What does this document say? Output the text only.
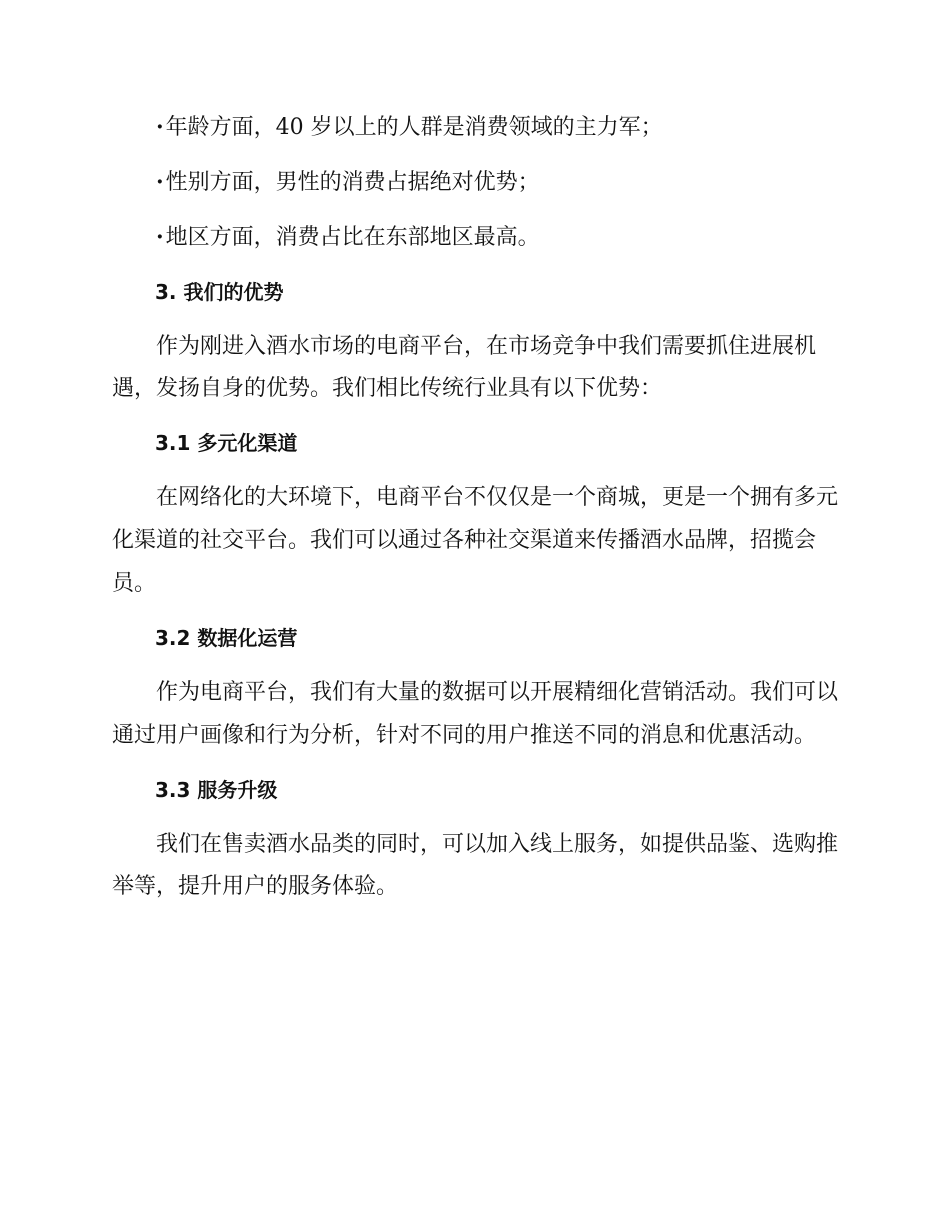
·年龄方面，40 岁以上的人群是消费领域的主力军；
·性别方面，男性的消费占据绝对优势；
·地区方面，消费占比在东部地区最高。
3. 我们的优势
作为刚进入酒水市场的电商平台，在市场竞争中我们需要抓住进展机
遇，发扬自身的优势。我们相比传统行业具有以下优势：
3.1 多元化渠道
在网络化的大环境下，电商平台不仅仅是一个商城，更是一个拥有多元
化渠道的社交平台。我们可以通过各种社交渠道来传播酒水品牌，招揽会
员。
3.2 数据化运营
作为电商平台，我们有大量的数据可以开展精细化营销活动。我们可以
通过用户画像和行为分析，针对不同的用户推送不同的消息和优惠活动。
3.3 服务升级
我们在售卖酒水品类的同时，可以加入线上服务，如提供品鉴、选购推
举等，提升用户的服务体验。
